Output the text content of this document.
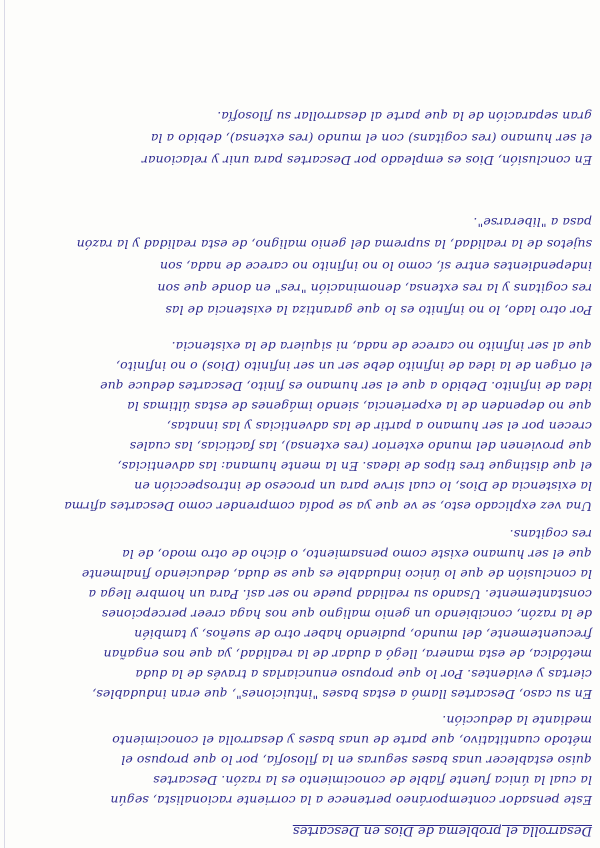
Desarrolla el problema de Dios en Descartes
Este pensador contemporáneo pertenece a la corriente racionalista, según
la cual la única fuente fiable de conocimiento es la razón. Descartes
quiso establecer unas bases seguras en la filosofía, por lo que propuso el
método cuantitativo, que parte de unas bases y desarrolla el conocimiento
mediante la deducción.
En su caso, Descartes llamó a estas bases "intuiciones", que eran indudables,
ciertas y evidentes. Por lo que propuso enunciarlas a través de la duda
metódica, de esta manera, llegó a dudar de la realidad, ya que nos engañan
frecuentemente, del mundo, pudiendo haber otro de sueños, y también
de la razón, concibiendo un genio maligno que nos haga creer percepciones
constantemente. Usando su realidad puede no ser así. Para un hombre llega a
la conclusión de que lo único indudable es que se duda, deduciendo finalmente
que el ser humano existe como pensamiento, o dicho de otro modo, de la
res cogitans.
Una vez explicado esto, se ve que ya se podía comprender como Descartes afirma
la existencia de Dios, lo cual sirve para un proceso de introspección en
el que distingue tres tipos de ideas. En la mente humana: las adventicias,
que provienen del mundo exterior (res extensa), las facticias, las cuales
crecen por el ser humano a partir de las adventicias y las innatas,
que no dependen de la experiencia, siendo imágenes de estas últimas la
idea de infinito. Debido a que el ser humano es finito, Descartes deduce que
el origen de la idea de infinito debe ser un ser infinito (Dios) o no infinito,
que al ser infinito no carece de nada, ni siquiera de la existencia.
Por otro lado, lo no infinito es lo que garantiza la existencia de las
res cogitans y la res extensa, denominación "res" en donde que son
independientes entre sí, como lo no infinito no carece de nada, son
sujetos de la realidad, la suprema del genio maligno, de esta realidad y la razón
pasa a "liberarse".
En conclusión, Dios es empleado por Descartes para unir y relacionar
el ser humano (res cogitans) con el mundo (res extensa), debido a la
gran separación de la que parte al desarrollar su filosofía.
